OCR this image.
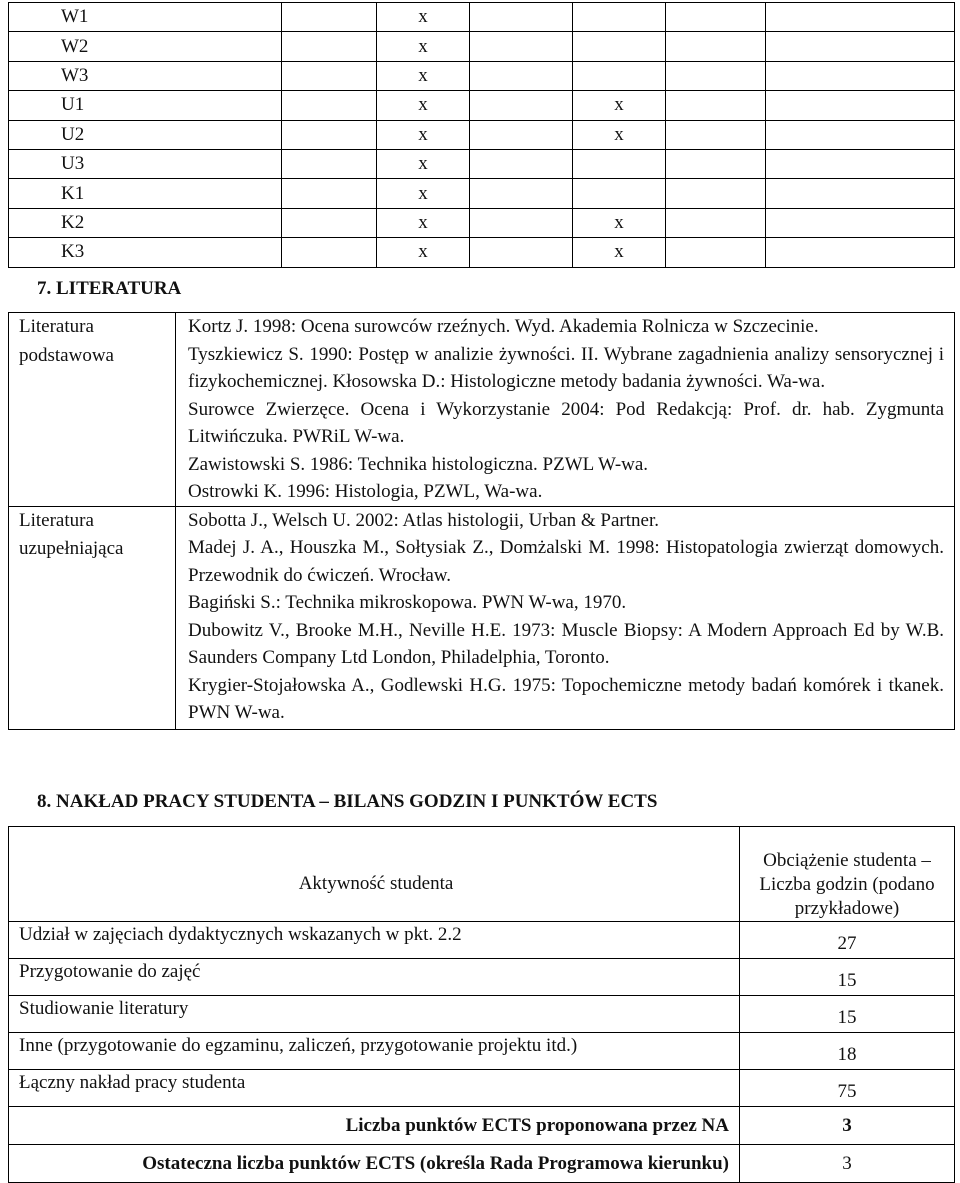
W1		x				
W2		x				
W3		x				
U1		x		x		
U2		x		x		
U3		x				
K1		x				
K2		x		x		
K3		x		x		
7. LITERATURA
Literatura podstawowa	Kortz J. 1998: Ocena surowców rzeźnych. Wyd. Akademia Rolnicza w Szczecinie.

Tyszkiewicz S. 1990: Postęp w analizie żywności. II. Wybrane zagadnienia analizy sensorycznej i fizykochemicznej. Kłosowska D.: Histologiczne metody badania żywności. Wa-wa.

Surowce Zwierzęce. Ocena i Wykorzystanie 2004: Pod Redakcją: Prof. dr. hab. Zygmunta Litwińczuka. PWRiL W-wa.

Zawistowski S. 1986: Technika histologiczna. PZWL W-wa.

Ostrowki K. 1996: Histologia, PZWL, Wa-wa.

Literatura uzupełniająca	Sobotta J., Welsch U. 2002: Atlas histologii, Urban & Partner.

Madej J. A., Houszka M., Sołtysiak Z., Domżalski M. 1998: Histopatologia zwierząt domowych. Przewodnik do ćwiczeń. Wrocław.

Bagiński S.: Technika mikroskopowa. PWN W-wa, 1970.

Dubowitz V., Brooke M.H., Neville H.E. 1973: Muscle Biopsy: A Modern Approach Ed by W.B. Saunders Company Ltd London, Philadelphia, Toronto.

Krygier-Stojałowska A., Godlewski H.G. 1975: Topochemiczne metody badań komórek i tkanek. PWN W-wa.

8. NAKŁAD PRACY STUDENTA – BILANS GODZIN I PUNKTÓW ECTS
Aktywność studenta	Obciążenie studenta – Liczba godzin (podano przykładowe)
Udział w zajęciach dydaktycznych wskazanych w pkt. 2.2	27
Przygotowanie do zajęć	15
Studiowanie literatury	15
Inne (przygotowanie do egzaminu, zaliczeń, przygotowanie projektu itd.)	18
Łączny nakład pracy studenta	75
Liczba punktów ECTS proponowana przez NA	3
Ostateczna liczba punktów ECTS (określa Rada Programowa kierunku)	3
